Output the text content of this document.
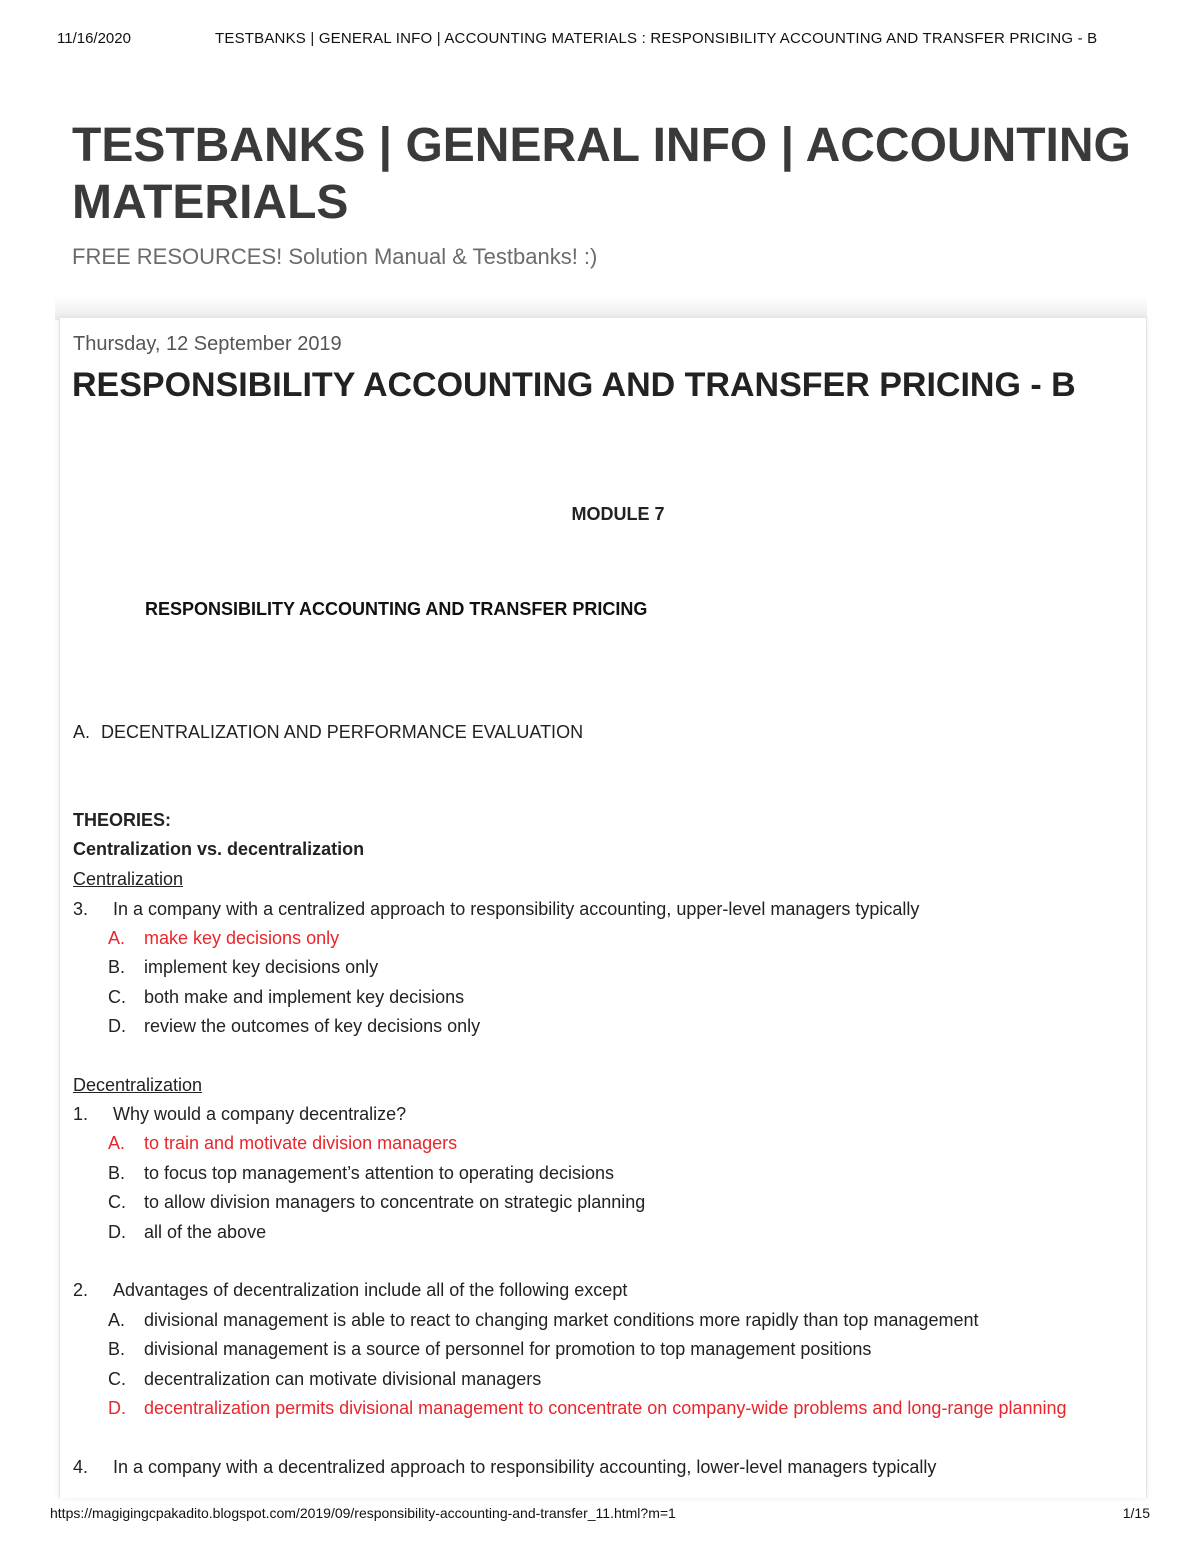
11/16/2020	TESTBANKS | GENERAL INFO | ACCOUNTING MATERIALS : RESPONSIBILITY ACCOUNTING AND TRANSFER PRICING - B
TESTBANKS | GENERAL INFO | ACCOUNTING MATERIALS
FREE RESOURCES! Solution Manual & Testbanks! :)
Thursday, 12 September 2019
RESPONSIBILITY ACCOUNTING AND TRANSFER PRICING - B
MODULE 7
RESPONSIBILITY ACCOUNTING AND TRANSFER PRICING
A. DECENTRALIZATION AND PERFORMANCE EVALUATION
THEORIES:
Centralization vs. decentralization
Centralization
3. In a company with a centralized approach to responsibility accounting, upper-level managers typically
A. make key decisions only
B. implement key decisions only
C. both make and implement key decisions
D. review the outcomes of key decisions only
Decentralization
1. Why would a company decentralize?
A. to train and motivate division managers
B. to focus top management’s attention to operating decisions
C. to allow division managers to concentrate on strategic planning
D. all of the above
2. Advantages of decentralization include all of the following except
A. divisional management is able to react to changing market conditions more rapidly than top management
B. divisional management is a source of personnel for promotion to top management positions
C. decentralization can motivate divisional managers
D. decentralization permits divisional management to concentrate on company-wide problems and long-range planning
4. In a company with a decentralized approach to responsibility accounting, lower-level managers typically
https://magigingcpakadito.blogspot.com/2019/09/responsibility-accounting-and-transfer_11.html?m=1	1/15
